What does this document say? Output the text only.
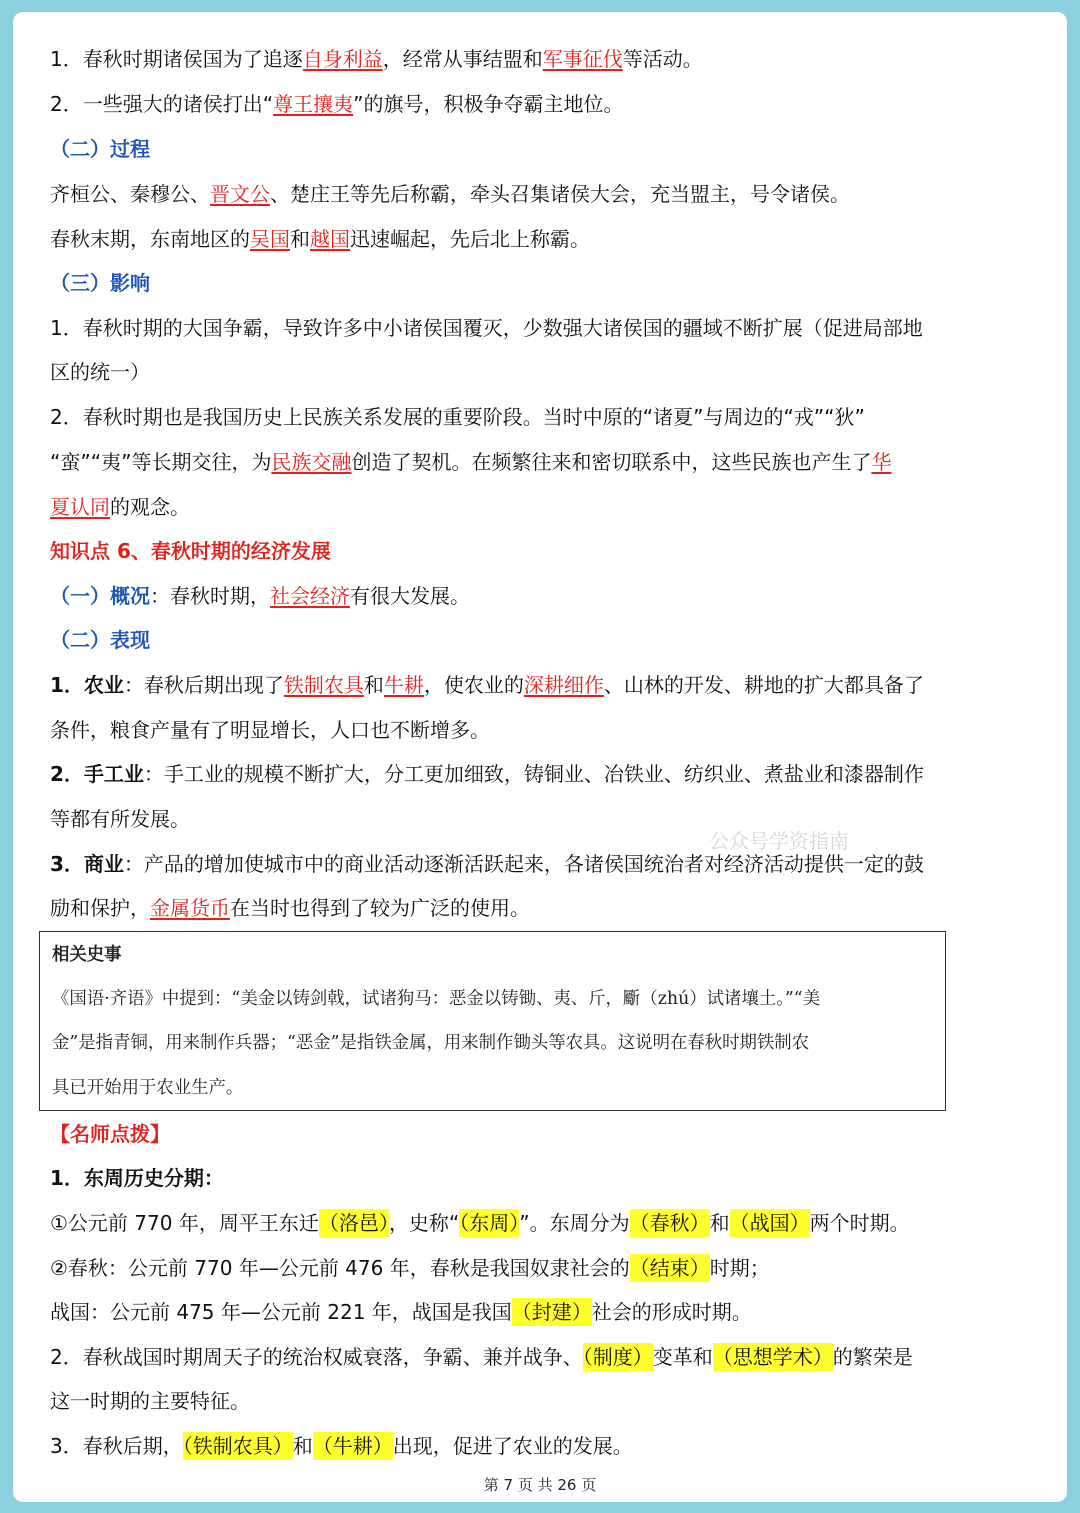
1．春秋时期诸侯国为了追逐自身利益，经常从事结盟和军事征伐等活动。
2．一些强大的诸侯打出“尊王攘夷”的旗号，积极争夺霸主地位。
（二）过程
齐桓公、秦穆公、晋文公、楚庄王等先后称霸，牵头召集诸侯大会，充当盟主，号令诸侯。
春秋末期，东南地区的吴国和越国迅速崛起，先后北上称霸。
（三）影响
1．春秋时期的大国争霸，导致许多中小诸侯国覆灭，少数强大诸侯国的疆域不断扩展（促进局部地
区的统一）
2．春秋时期也是我国历史上民族关系发展的重要阶段。当时中原的“诸夏”与周边的“戎”“狄”
“蛮”“夷”等长期交往，为民族交融创造了契机。在频繁往来和密切联系中，这些民族也产生了华
夏认同的观念。
知识点 6、春秋时期的经济发展
（一）概况：春秋时期，社会经济有很大发展。
（二）表现
1．农业：春秋后期出现了铁制农具和牛耕，使农业的深耕细作、山林的开发、耕地的扩大都具备了
条件，粮食产量有了明显增长，人口也不断增多。
2．手工业：手工业的规模不断扩大，分工更加细致，铸铜业、冶铁业、纺织业、煮盐业和漆器制作
等都有所发展。
公众号学资指南
3．商业：产品的增加使城市中的商业活动逐渐活跃起来，各诸侯国统治者对经济活动提供一定的鼓
励和保护，金属货币在当时也得到了较为广泛的使用。
相关史事
《国语·齐语》中提到：“美金以铸剑戟，试诸狗马：恶金以铸锄、夷、斤，斸（zhú）试诸壤土。”“美
金”是指青铜，用来制作兵器；“恶金”是指铁金属，用来制作锄头等农具。这说明在春秋时期铁制农
具已开始用于农业生产。
【名师点拨】
1．东周历史分期：
①公元前 770 年，周平王东迁（洛邑），史称“（东周）”。东周分为（春秋）和（战国）两个时期。
②春秋：公元前 770 年—公元前 476 年，春秋是我国奴隶社会的（结束）时期；
战国：公元前 475 年—公元前 221 年，战国是我国（封建）社会的形成时期。
2．春秋战国时期周天子的统治权威衰落，争霸、兼并战争、（制度）变革和（思想学术）的繁荣是
这一时期的主要特征。
3．春秋后期，（铁制农具）和（牛耕）出现，促进了农业的发展。
第 7 页 共 26 页
